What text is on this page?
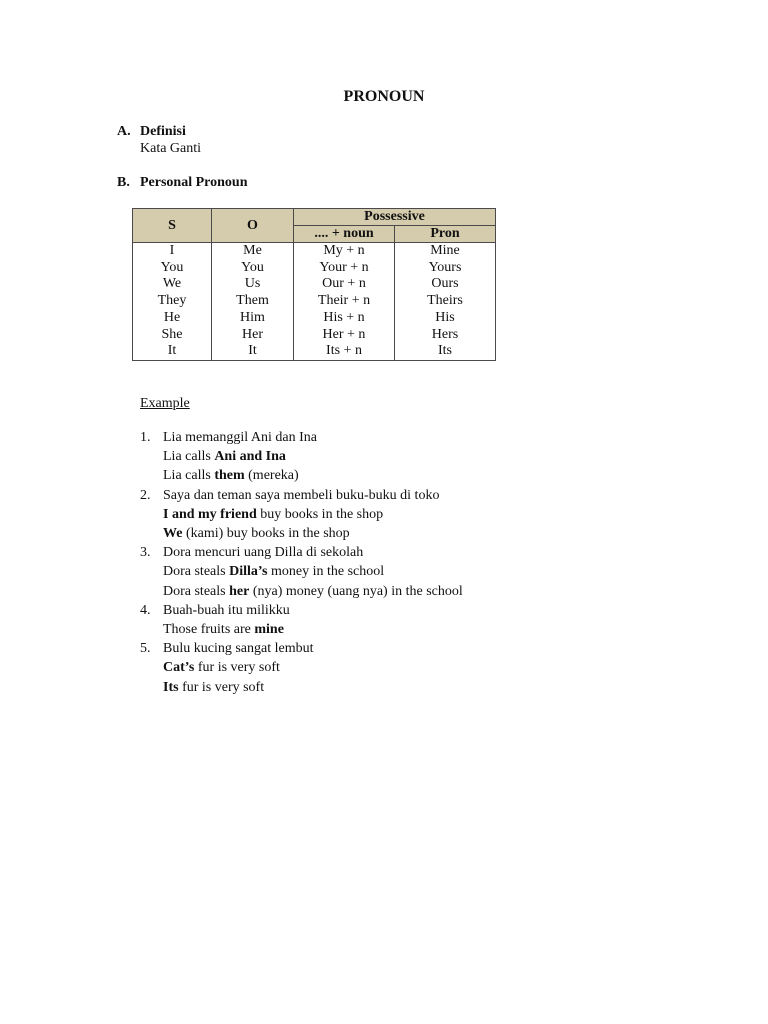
PRONOUN
A. Definisi
Kata Ganti
B. Personal Pronoun
S	O	Possessive	
		.... + noun	Pron
I	Me	My + n	Mine
You	You	Your + n	Yours
We	Us	Our + n	Ours
They	Them	Their + n	Theirs
He	Him	His + n	His
She	Her	Her + n	Hers
It	It	Its + n	Its
Example
1. Lia memanggil Ani dan Ina
Lia calls Ani and Ina
Lia calls them (mereka)
2. Saya dan teman saya membeli buku-buku di toko
I and my friend buy books in the shop
We (kami) buy books in the shop
3. Dora mencuri uang Dilla di sekolah
Dora steals Dilla’s money in the school
Dora steals her (nya) money (uang nya) in the school
4. Buah-buah itu milikku
Those fruits are mine
5. Bulu kucing sangat lembut
Cat’s fur is very soft
Its fur is very soft
